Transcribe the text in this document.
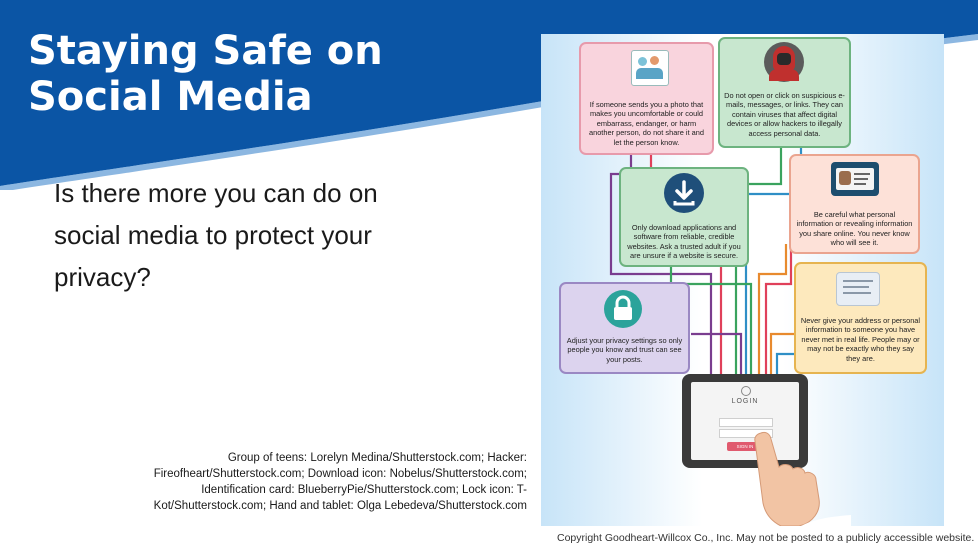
Staying Safe on Social Media

Is there more you can do on social media to protect your privacy?

Group of teens: Lorelyn Medina/Shutterstock.com; Hacker: Fireofheart/Shutterstock.com; Download icon: Nobelus/Shutterstock.com; Identification card: BlueberryPie/Shutterstock.com; Lock icon: T-Kot/Shutterstock.com; Hand and tablet: Olga Lebedeva/Shutterstock.com
Copyright Goodheart-Willcox Co., Inc. May not be posted to a publicly accessible website.
If someone sends you a photo that makes you uncomfortable or could embarrass, endanger, or harm another person, do not share it and let the person know.
Do not open or click on suspicious e-mails, messages, or links. They can contain viruses that affect digital devices or allow hackers to illegally access personal data.
Only download applications and software from reliable, credible websites. Ask a trusted adult if you are unsure if a website is secure.
Be careful what personal information or revealing information you share online. You never know who will see it.
Adjust your privacy settings so only people you know and trust can see your posts.
Never give your address or personal information to someone you have never met in real life. People may or may not be exactly who they say they are.
LOGIN
SIGN IN
